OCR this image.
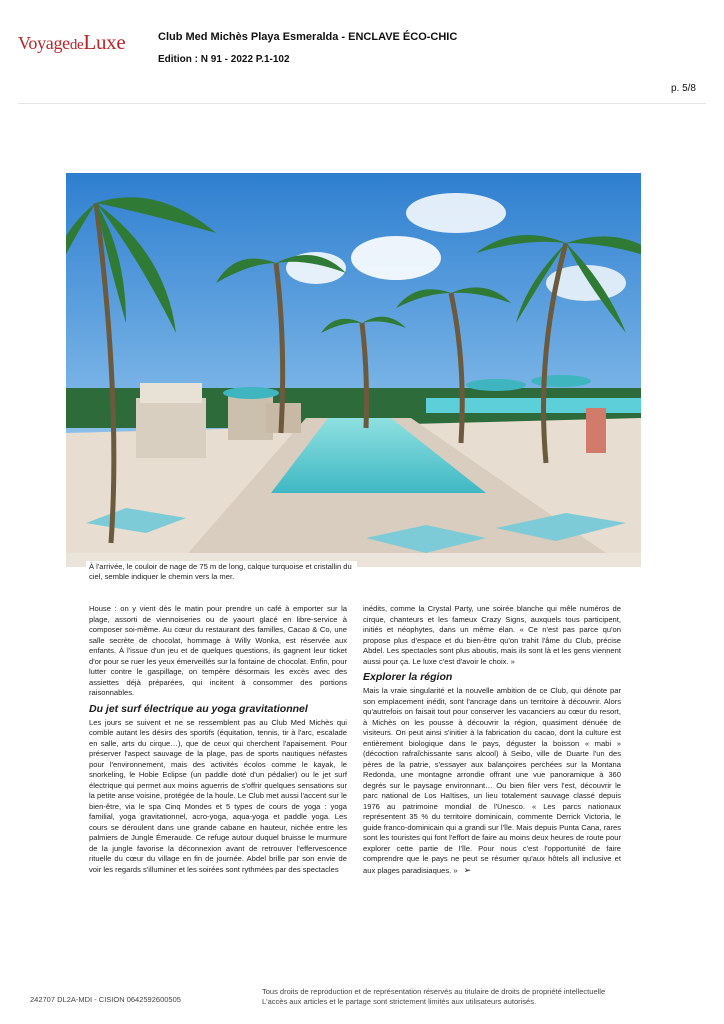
VoyagedeLuxe	Club Med Michès Playa Esmeralda - ENCLAVE ÉCO-CHIC
Edition : N 91 - 2022 P.1-102
p. 5/8
À l'arrivée, le couloir de nage de 75 m de long, calque turquoise et cristallin du ciel, semble indiquer le chemin vers la mer.

House : on y vient dès le matin pour prendre un café à emporter sur la plage, assorti de viennoiseries ou de yaourt glacé en libre-service à composer soi-même. Au cœur du restaurant des familles, Cacao & Co, une salle secrète de chocolat, hommage à Willy Wonka, est réservée aux enfants. À l'issue d'un jeu et de quelques questions, ils gagnent leur ticket d'or pour se ruer les yeux émerveillés sur la fontaine de chocolat. Enfin, pour lutter contre le gaspillage, on tempère désormais les excès avec des assiettes déjà préparées, qui incitent à consommer des portions raisonnables.

Du jet surf électrique au yoga gravitationnel

Les jours se suivent et ne se ressemblent pas au Club Med Michès qui comble autant les désirs des sportifs (équitation, tennis, tir à l'arc, escalade en salle, arts du cirque…), que de ceux qui cherchent l'apaisement. Pour préserver l'aspect sauvage de la plage, pas de sports nautiques néfastes pour l'environnement, mais des activités écolos comme le kayak, le snorkeling, le Hobie Eclipse (un paddle doté d'un pédalier) ou le jet surf électrique qui permet aux moins aguerris de s'offrir quelques sensations sur la petite anse voisine, protégée de la houle. Le Club met aussi l'accent sur le bien-être, via le spa Cinq Mondes et 5 types de cours de yoga : yoga familial, yoga gravitationnel, acro-yoga, aqua-yoga et paddle yoga. Les cours se déroulent dans une grande cabane en hauteur, nichée entre les palmiers de Jungle Émeraude. Ce refuge autour duquel bruisse le murmure de la jungle favorise la déconnexion avant de retrouver l'effervescence rituelle du cœur du village en fin de journée. Abdel brille par son envie de voir les regards s'illuminer et les soirées sont rythmées par des spectacles

inédits, comme la Crystal Party, une soirée blanche qui mêle numéros de cirque, chanteurs et les fameux Crazy Signs, auxquels tous participent, initiés et néophytes, dans un même élan. « Ce n'est pas parce qu'on propose plus d'espace et du bien-être qu'on trahit l'âme du Club, précise Abdel. Les spectacles sont plus aboutis, mais ils sont là et les gens viennent aussi pour ça. Le luxe c'est d'avoir le choix. »

Explorer la région

Mais la vraie singularité et la nouvelle ambition de ce Club, qui dénote par son emplacement inédit, sont l'ancrage dans un territoire à découvrir. Alors qu'autrefois on faisait tout pour conserver les vacanciers au cœur du resort, à Michès on les pousse à découvrir la région, quasiment dénuée de visiteurs. On peut ainsi s'initier à la fabrication du cacao, dont la culture est entièrement biologique dans le pays, déguster la boisson « mabi » (décoction rafraîchissante sans alcool) à Seibo, ville de Duarte l'un des pères de la patrie, s'essayer aux balançoires perchées sur la Montana Redonda, une montagne arrondie offrant une vue panoramique à 360 degrés sur le paysage environnant… Ou bien filer vers l'est, découvrir le parc national de Los Haïtises, un lieu totalement sauvage classé depuis 1976 au patrimoine mondial de l'Unesco. « Les parcs nationaux représentent 35 % du territoire dominicain, commente Derrick Victoria, le guide franco-dominicain qui a grandi sur l'île. Mais depuis Punta Cana, rares sont les touristes qui font l'effort de faire au moins deux heures de route pour explorer cette partie de l'île. Pour nous c'est l'opportunité de faire comprendre que le pays ne peut se résumer qu'aux hôtels all inclusive et aux plages paradisiaques. » ➢

242707 DL2A-MDI - CISION 0642592600505
Tous droits de reproduction et de représentation réservés au titulaire de droits de propriété intellectuelle
L'accès aux articles et le partage sont strictement limités aux utilisateurs autorisés.
